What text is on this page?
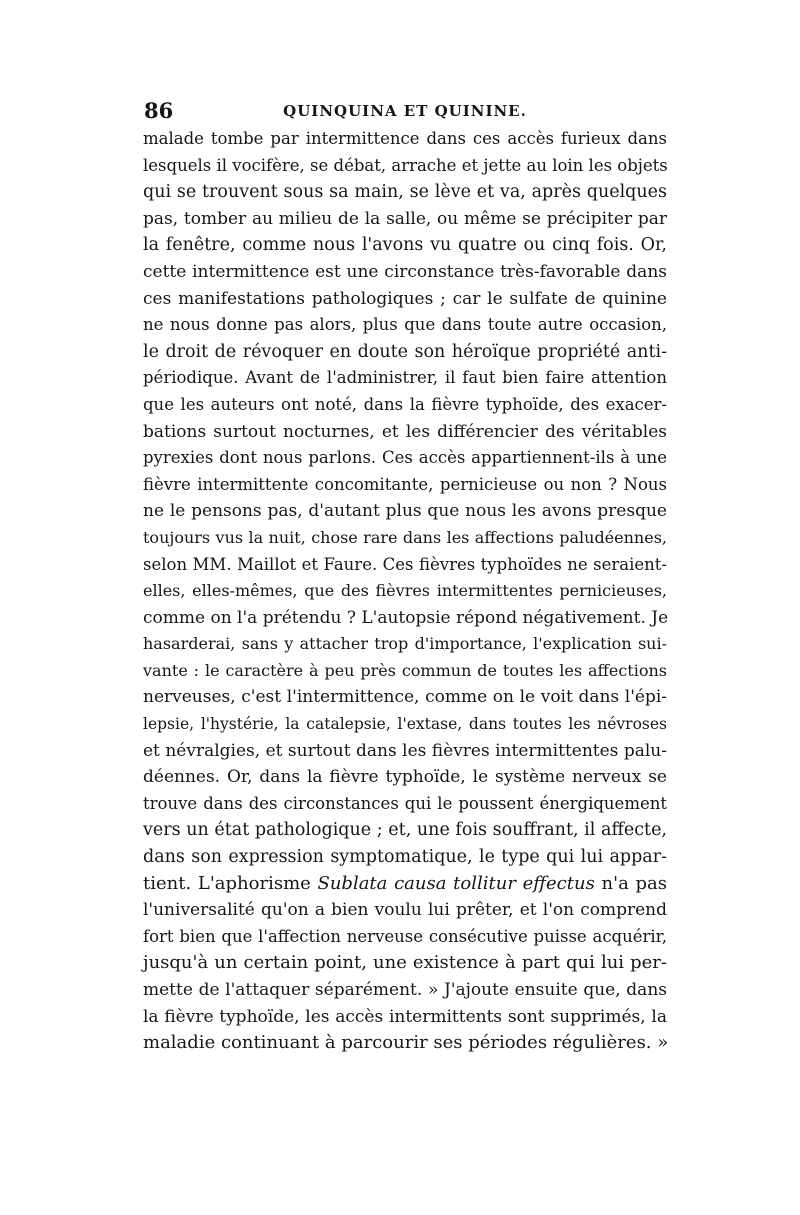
86	QUINQUINA ET QUININE.
malade tombe par intermittence dans ces accès furieux dans
lesquels il vocifère, se débat, arrache et jette au loin les objets
qui se trouvent sous sa main, se lève et va, après quelques
pas, tomber au milieu de la salle, ou même se précipiter par
la fenêtre, comme nous l'avons vu quatre ou cinq fois. Or,
cette intermittence est une circonstance très-favorable dans
ces manifestations pathologiques ; car le sulfate de quinine
ne nous donne pas alors, plus que dans toute autre occasion,
le droit de révoquer en doute son héroïque propriété anti-
périodique. Avant de l'administrer, il faut bien faire attention
que les auteurs ont noté, dans la fièvre typhoïde, des exacer-
bations surtout nocturnes, et les différencier des véritables
pyrexies dont nous parlons. Ces accès appartiennent-ils à une
fièvre intermittente concomitante, pernicieuse ou non ? Nous
ne le pensons pas, d'autant plus que nous les avons presque
toujours vus la nuit, chose rare dans les affections paludéennes,
selon MM. Maillot et Faure. Ces fièvres typhoïdes ne seraient-
elles, elles-mêmes, que des fièvres intermittentes pernicieuses,
comme on l'a prétendu ? L'autopsie répond négativement. Je
hasarderai, sans y attacher trop d'importance, l'explication sui-
vante : le caractère à peu près commun de toutes les affections
nerveuses, c'est l'intermittence, comme on le voit dans l'épi-
lepsie, l'hystérie, la catalepsie, l'extase, dans toutes les névroses
et névralgies, et surtout dans les fièvres intermittentes palu-
déennes. Or, dans la fièvre typhoïde, le système nerveux se
trouve dans des circonstances qui le poussent énergiquement
vers un état pathologique ; et, une fois souffrant, il affecte,
dans son expression symptomatique, le type qui lui appar-
tient. L'aphorisme Sublata causa tollitur effectus n'a pas
l'universalité qu'on a bien voulu lui prêter, et l'on comprend
fort bien que l'affection nerveuse consécutive puisse acquérir,
jusqu'à un certain point, une existence à part qui lui per-
mette de l'attaquer séparément. » J'ajoute ensuite que, dans
la fièvre typhoïde, les accès intermittents sont supprimés, la
maladie continuant à parcourir ses périodes régulières. »
